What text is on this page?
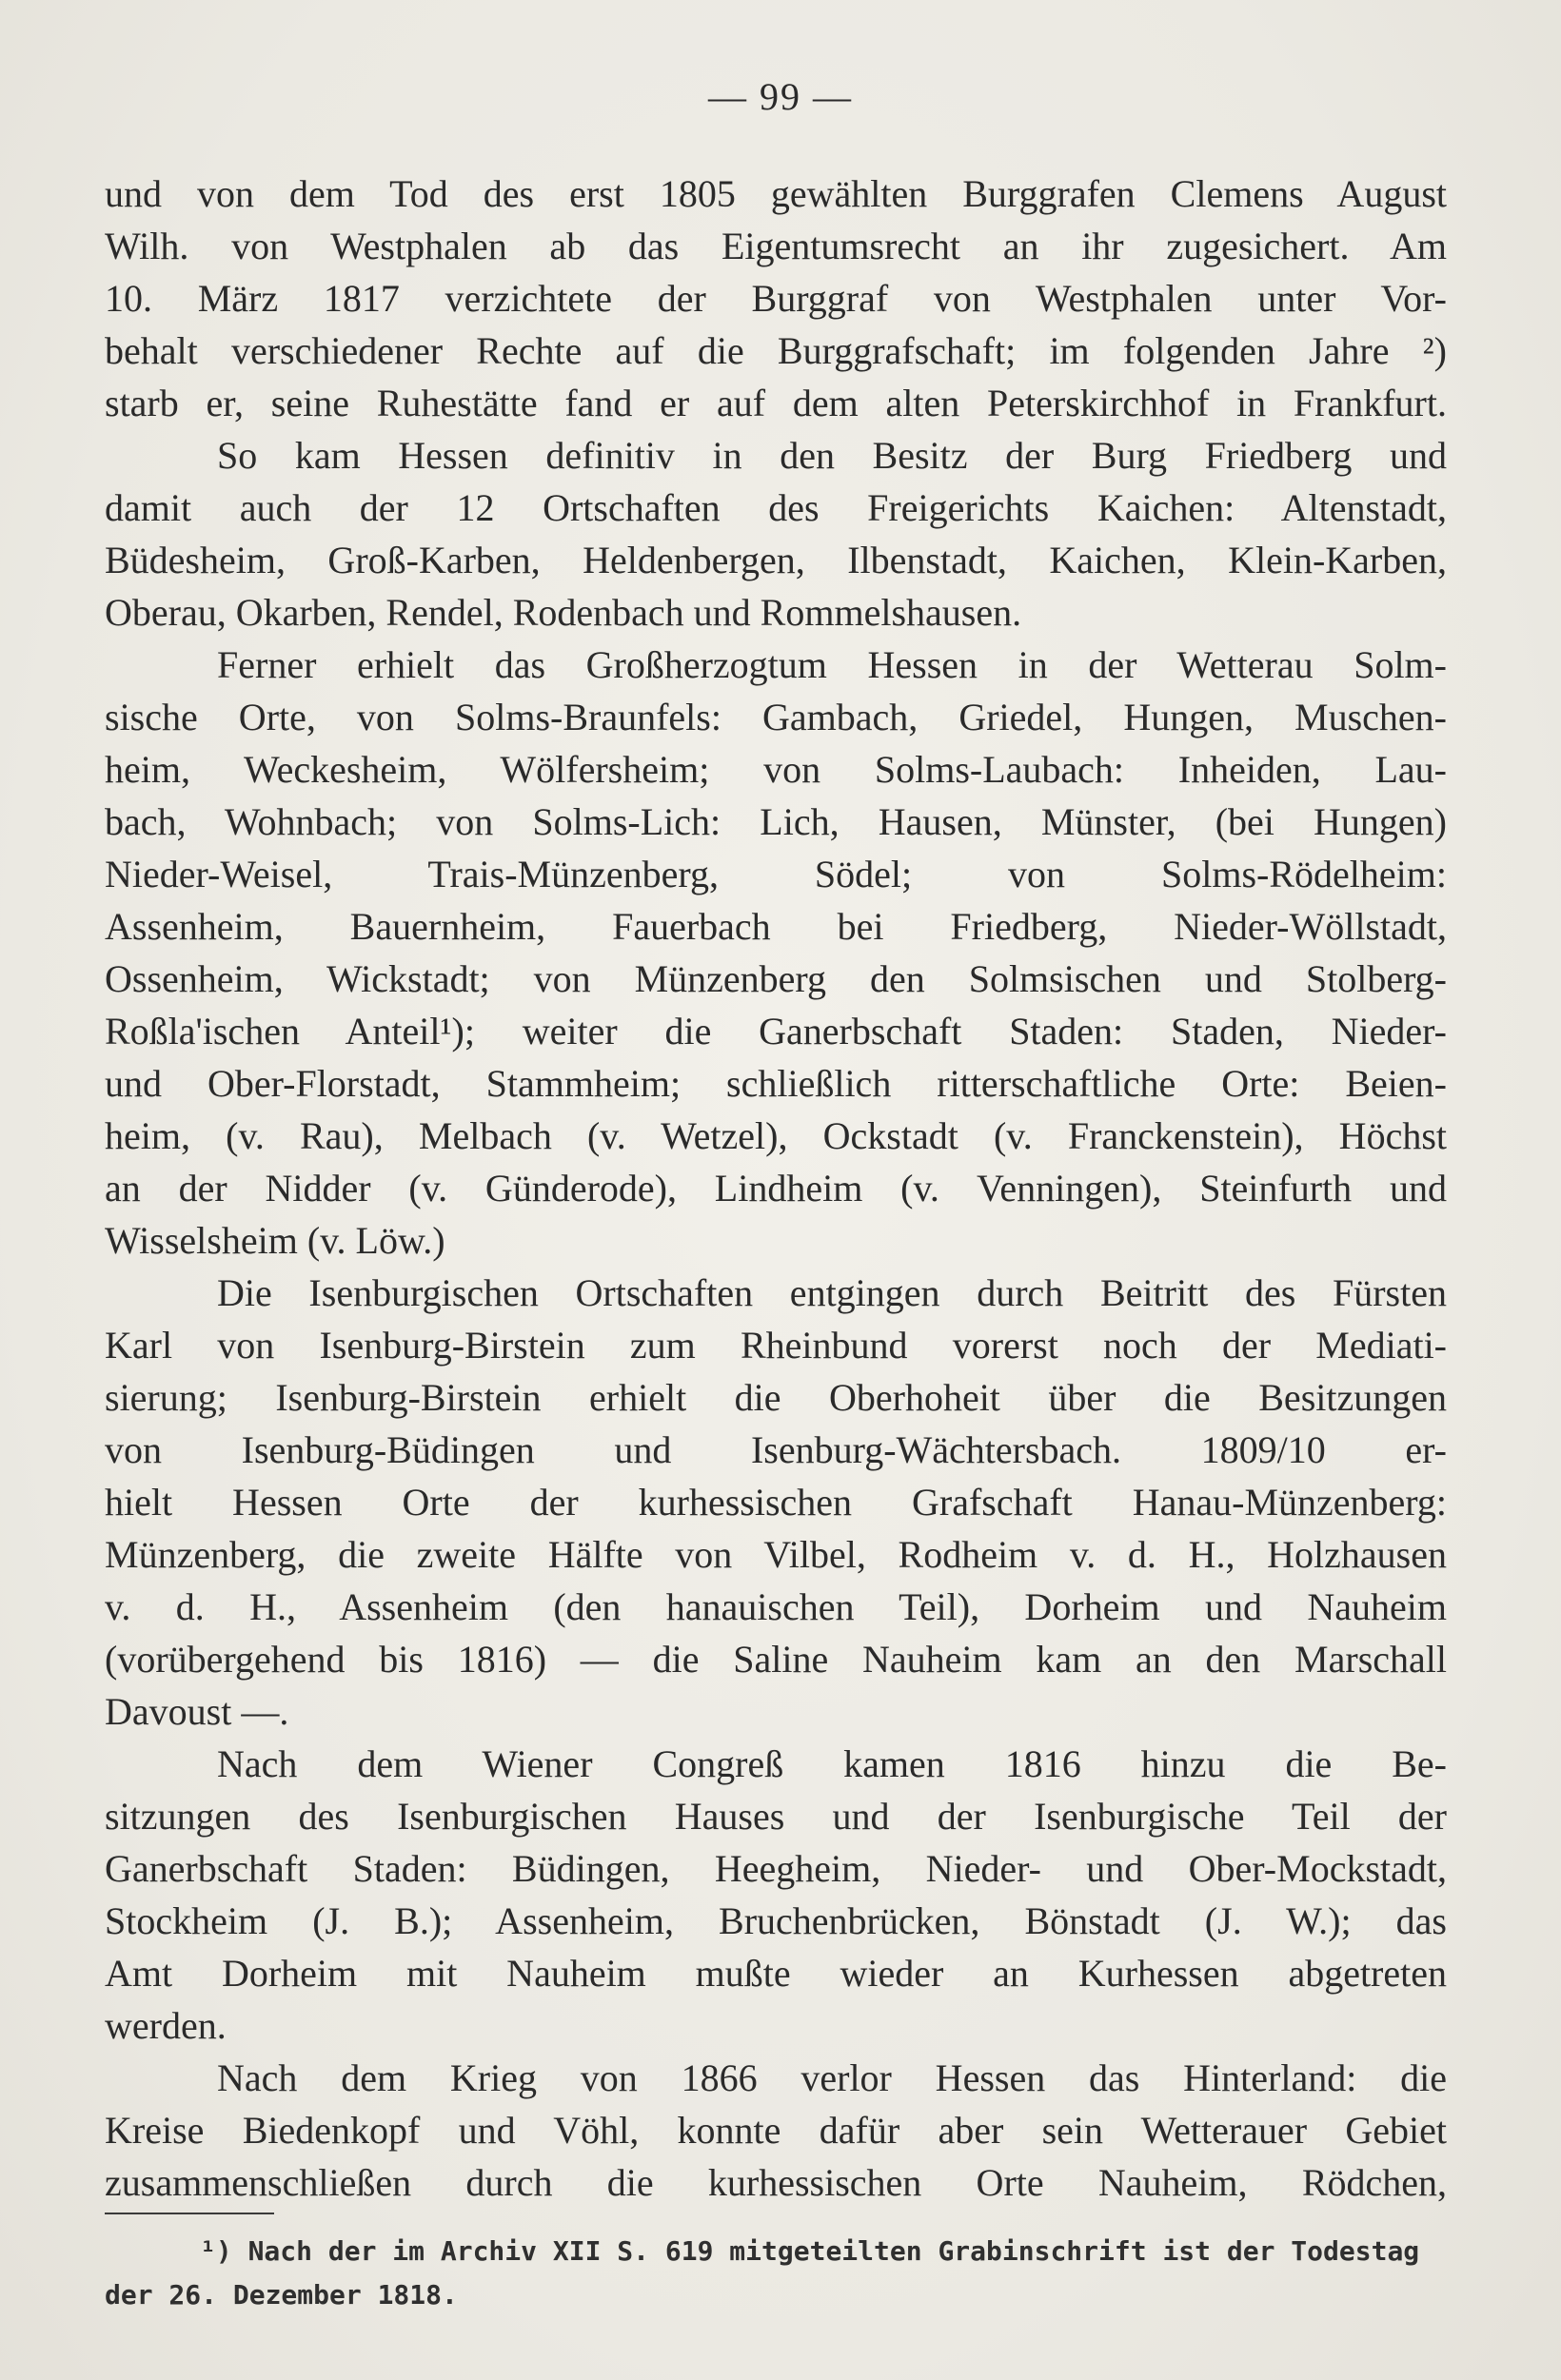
— 99 —

und von dem Tod des erst 1805 gewählten Burggrafen Clemens August
Wilh. von Westphalen ab das Eigentumsrecht an ihr zugesichert. Am
10. März 1817 verzichtete der Burggraf von Westphalen unter Vor-
behalt verschiedener Rechte auf die Burggrafschaft; im folgenden Jahre ²)
starb er, seine Ruhestätte fand er auf dem alten Peterskirchhof in Frankfurt.

So kam Hessen definitiv in den Besitz der Burg Friedberg und
damit auch der 12 Ortschaften des Freigerichts Kaichen: Altenstadt,
Büdesheim, Groß-Karben, Heldenbergen, Ilbenstadt, Kaichen, Klein-Karben,
Oberau, Okarben, Rendel, Rodenbach und Rommelshausen.

Ferner erhielt das Großherzogtum Hessen in der Wetterau Solm-
sische Orte, von Solms-Braunfels: Gambach, Griedel, Hungen, Muschen-
heim, Weckesheim, Wölfersheim; von Solms-Laubach: Inheiden, Lau-
bach, Wohnbach; von Solms-Lich: Lich, Hausen, Münster, (bei Hungen)
Nieder-Weisel, Trais-Münzenberg, Södel; von Solms-Rödelheim:
Assenheim, Bauernheim, Fauerbach bei Friedberg, Nieder-Wöllstadt,
Ossenheim, Wickstadt; von Münzenberg den Solmsischen und Stolberg-
Roßla'ischen Anteil¹); weiter die Ganerbschaft Staden: Staden, Nieder-
und Ober-Florstadt, Stammheim; schließlich ritterschaftliche Orte: Beien-
heim, (v. Rau), Melbach (v. Wetzel), Ockstadt (v. Franckenstein), Höchst
an der Nidder (v. Günderode), Lindheim (v. Venningen), Steinfurth und
Wisselsheim (v. Löw.)

Die Isenburgischen Ortschaften entgingen durch Beitritt des Fürsten
Karl von Isenburg-Birstein zum Rheinbund vorerst noch der Mediati-
sierung; Isenburg-Birstein erhielt die Oberhoheit über die Besitzungen
von Isenburg-Büdingen und Isenburg-Wächtersbach. 1809/10 er-
hielt Hessen Orte der kurhessischen Grafschaft Hanau-Münzenberg:
Münzenberg, die zweite Hälfte von Vilbel, Rodheim v. d. H., Holzhausen
v. d. H., Assenheim (den hanauischen Teil), Dorheim und Nauheim
(vorübergehend bis 1816) — die Saline Nauheim kam an den Marschall
Davoust —.

Nach dem Wiener Congreß kamen 1816 hinzu die Be-
sitzungen des Isenburgischen Hauses und der Isenburgische Teil der
Ganerbschaft Staden: Büdingen, Heegheim, Nieder- und Ober-Mockstadt,
Stockheim (J. B.); Assenheim, Bruchenbrücken, Bönstadt (J. W.); das
Amt Dorheim mit Nauheim mußte wieder an Kurhessen abgetreten
werden.

Nach dem Krieg von 1866 verlor Hessen das Hinterland: die
Kreise Biedenkopf und Vöhl, konnte dafür aber sein Wetterauer Gebiet
zusammenschließen durch die kurhessischen Orte Nauheim, Rödchen,

¹) Nach der im Archiv XII S. 619 mitgeteilten Grabinschrift ist der Todestag
der 26. Dezember 1818.
